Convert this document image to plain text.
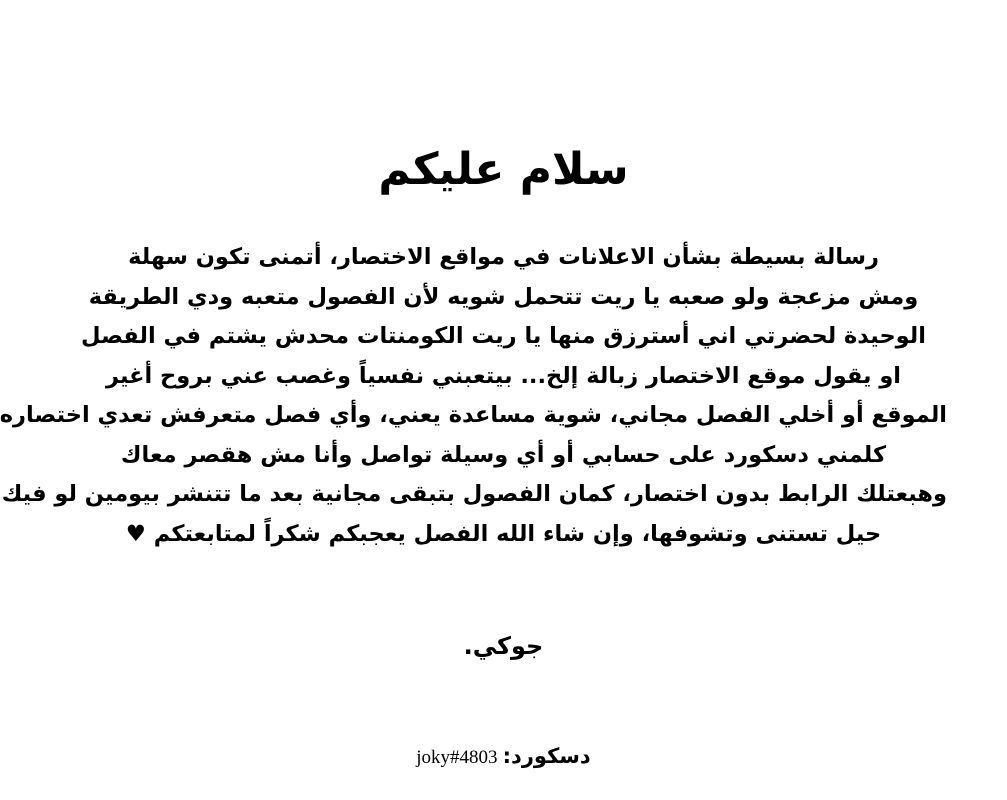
سلام عليكم
رسالة بسيطة بشأن الاعلانات في مواقع الاختصار، أتمنى تكون سهلة
ومش مزعجة ولو صعبه يا ريت تتحمل شويه لأن الفصول متعبه ودي الطريقة
الوحيدة لحضرتي اني أسترزق منها يا ريت الكومنتات محدش يشتم في الفصل
او يقول موقع الاختصار زبالة إلخ... بيتعبني نفسياً وغصب عني بروح أغير
الموقع أو أخلي الفصل مجاني، شوية مساعدة يعني، وأي فصل متعرفش تعدي اختصاره
كلمني دسكورد على حسابي أو أي وسيلة تواصل وأنا مش هقصر معاك
وهبعتلك الرابط بدون اختصار، كمان الفصول بتبقى مجانية بعد ما تتنشر بيومين لو فيك
حيل تستنى وتشوفها، وإن شاء الله الفصل يعجبكم شكراً لمتابعتكم ♥

جوكي.

دسكورد: joky#4803
